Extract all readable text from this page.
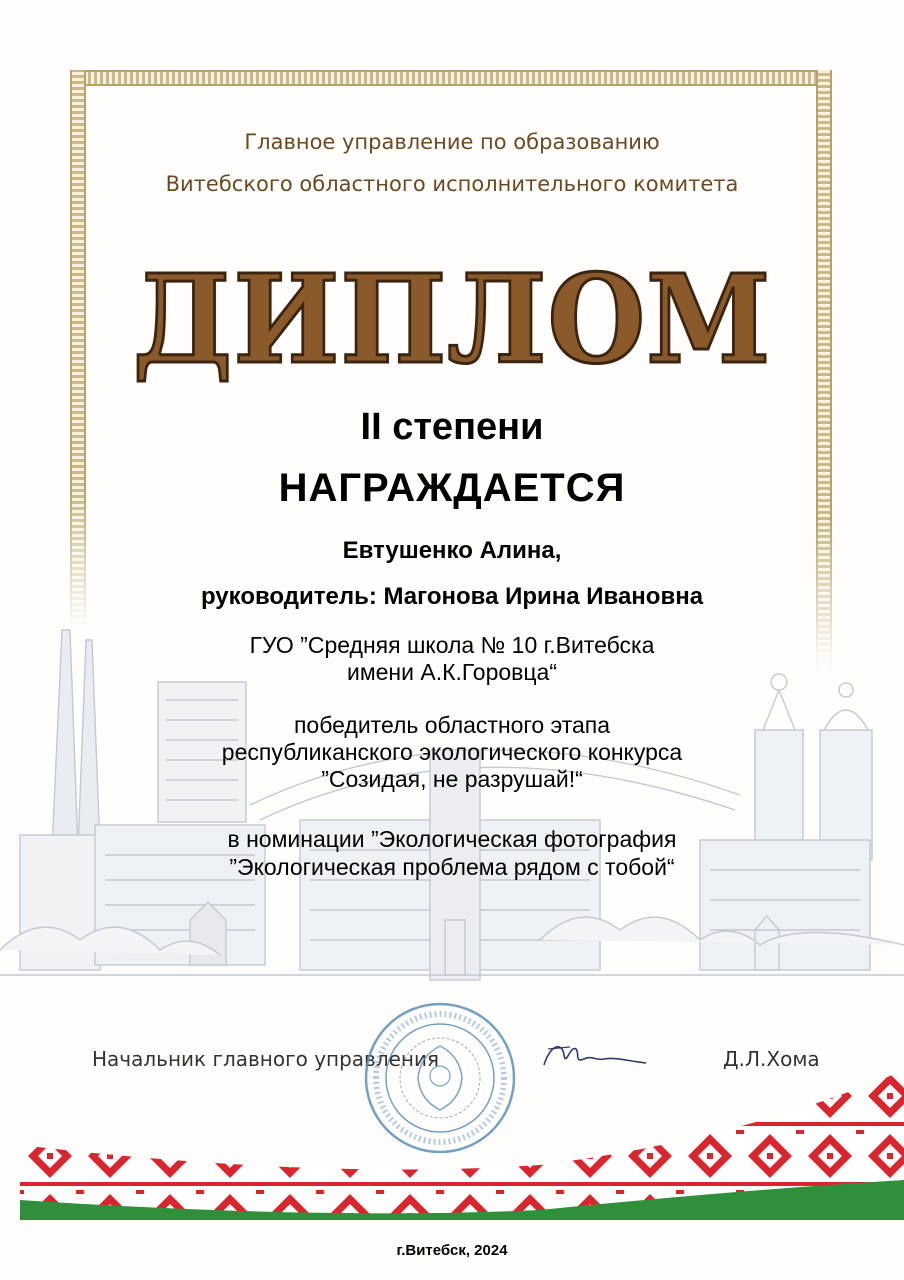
Главное управление по образованию
Витебского областного исполнительного комитета
ДИПЛОМ
II степени
НАГРАЖДАЕТСЯ
Евтушенко Алина,
руководитель: Магонова Ирина Ивановна
ГУО ”Средняя школа № 10 г.Витебска
имени А.К.Горовца“
победитель областного этапа
республиканского экологического конкурса
”Созидая, не разрушай!“
в номинации ”Экологическая фотография
”Экологическая проблема рядом с тобой“
Начальник главного управления	Д.Л.Хома
г.Витебск, 2024
